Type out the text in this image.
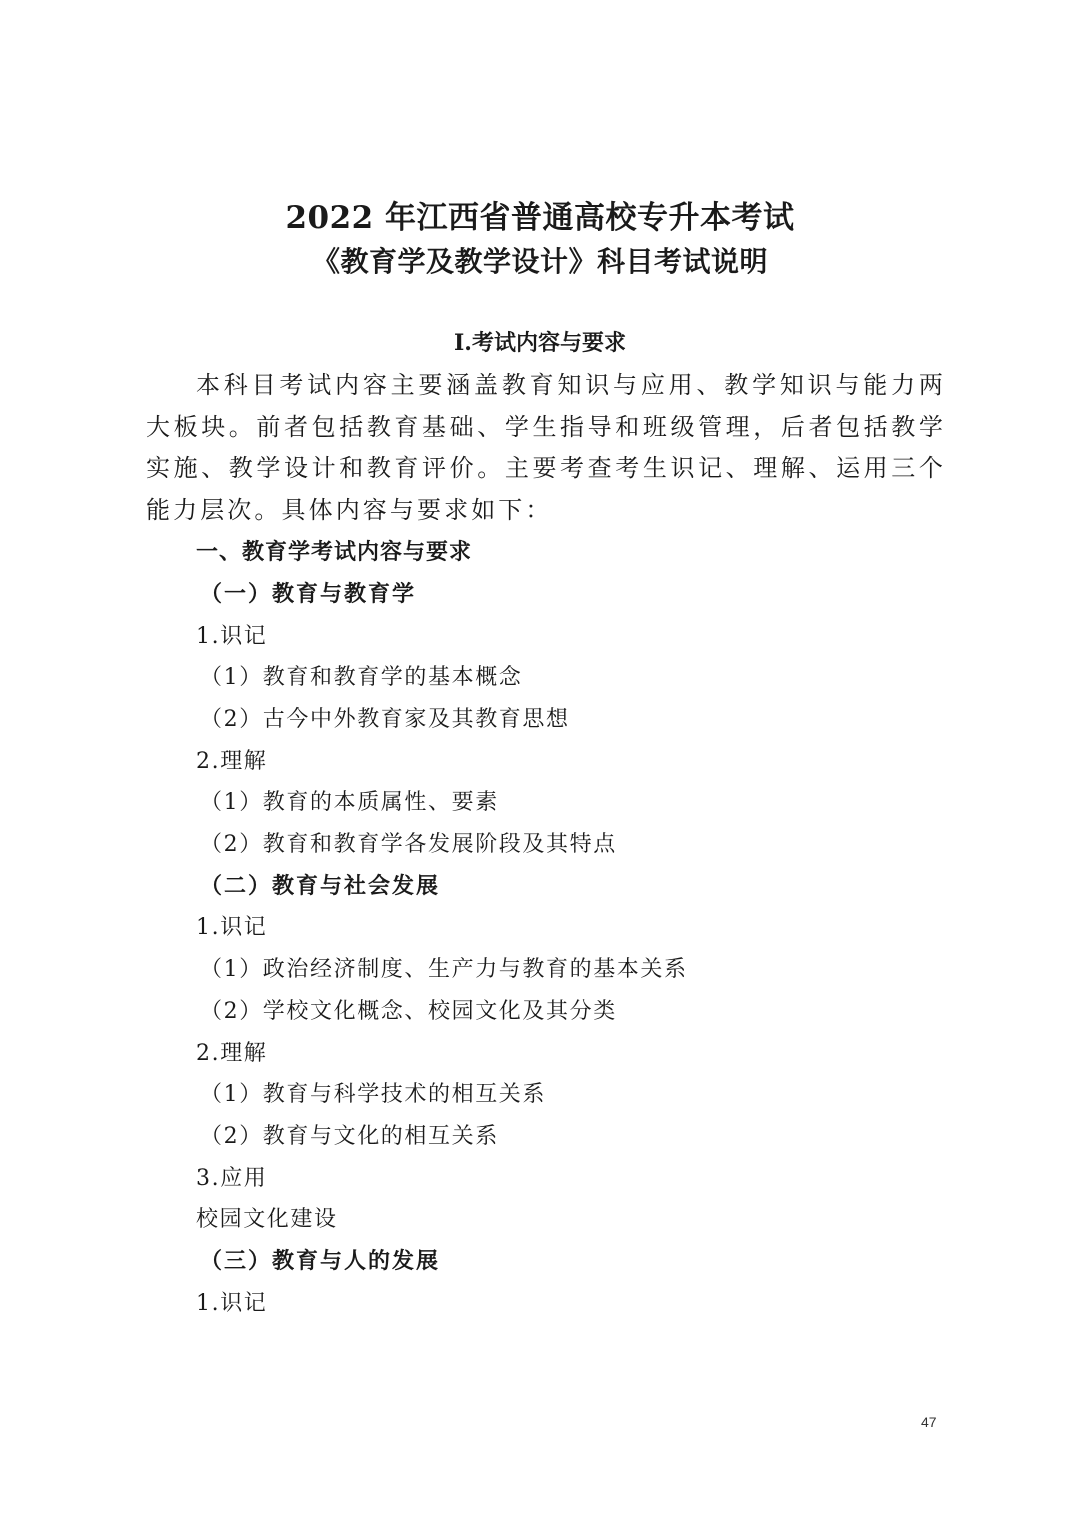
2022 年江西省普通高校专升本考试
《教育学及教学设计》科目考试说明
Ⅰ.考试内容与要求

本科目考试内容主要涵盖教育知识与应用、教学知识与能力两大板块。前者包括教育基础、学生指导和班级管理，后者包括教学实施、教学设计和教育评价。主要考查考生识记、理解、运用三个能力层次。具体内容与要求如下：

一、教育学考试内容与要求
（一）教育与教育学
1.识记
（1）教育和教育学的基本概念
（2）古今中外教育家及其教育思想
2.理解
（1）教育的本质属性、要素
（2）教育和教育学各发展阶段及其特点
（二）教育与社会发展
1.识记
（1）政治经济制度、生产力与教育的基本关系
（2）学校文化概念、校园文化及其分类
2.理解
（1）教育与科学技术的相互关系
（2）教育与文化的相互关系
3.应用
校园文化建设
（三）教育与人的发展
1.识记
47
